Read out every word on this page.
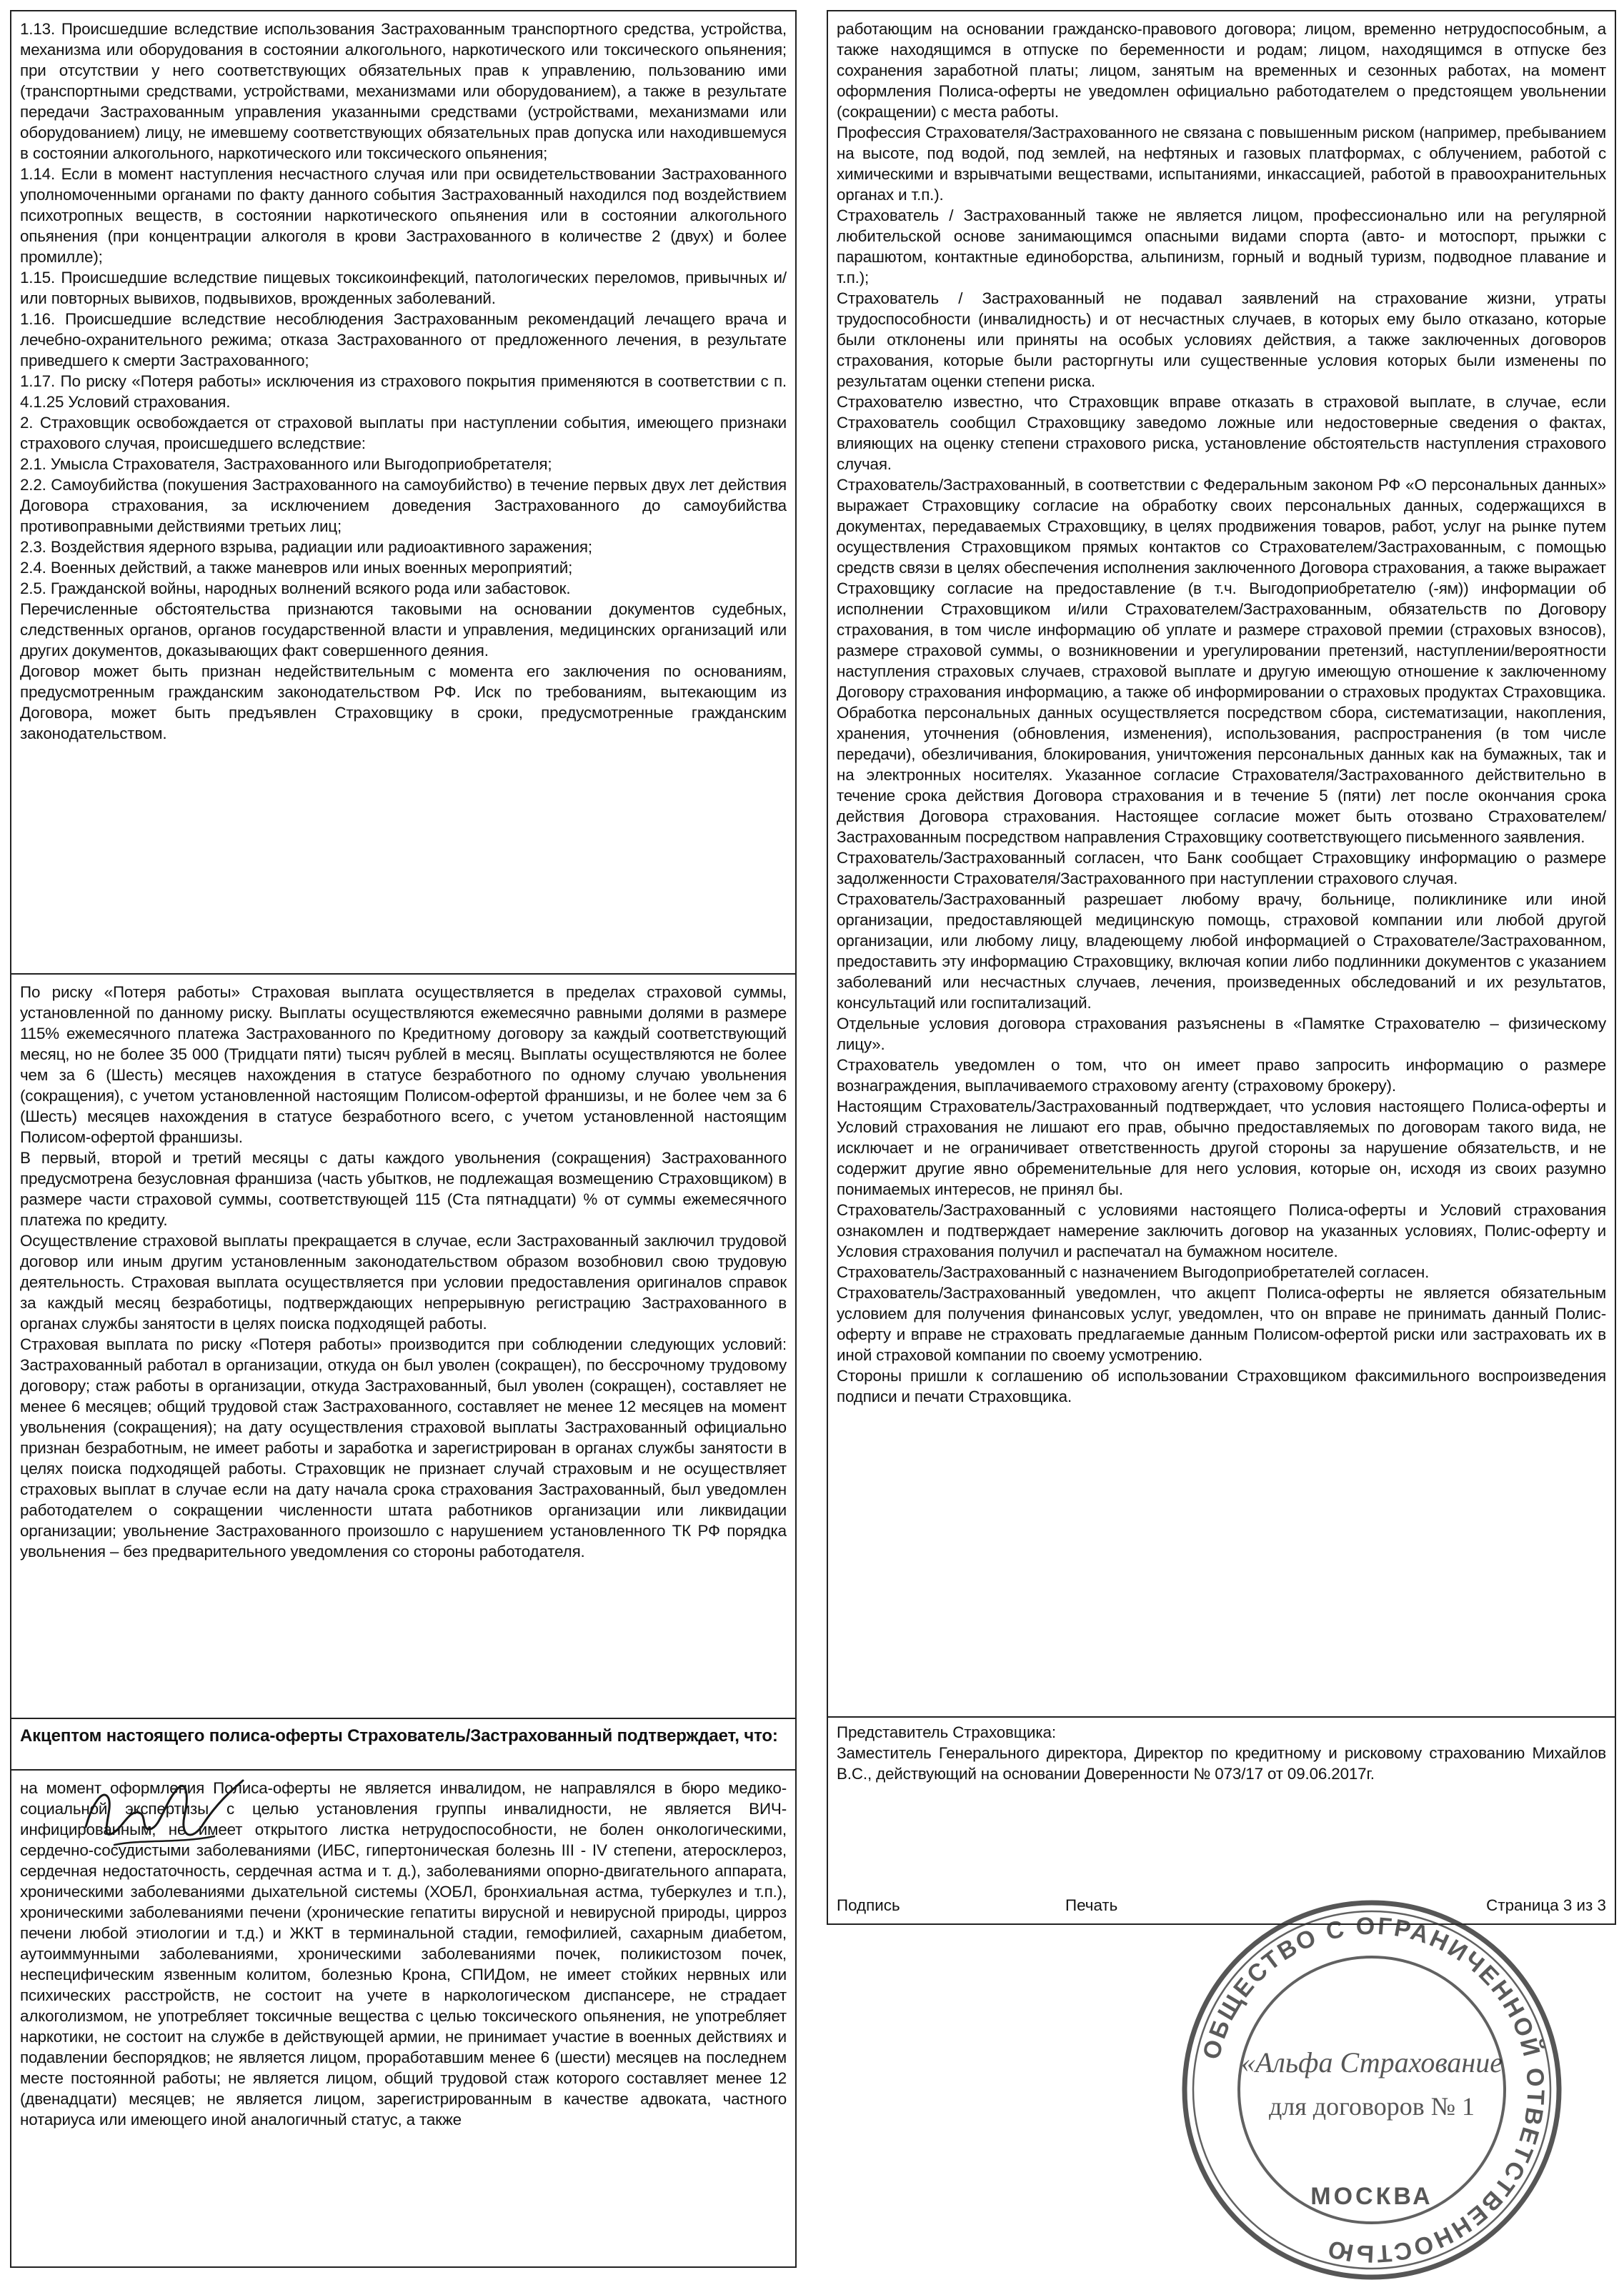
1.13. Происшедшие вследствие использования Застрахованным транспортного средства, устройства, механизма или оборудования в состоянии алкогольного, наркотического или токсического опьянения; при отсутствии у него соответствующих обязательных прав к управлению, пользованию ими (транспортными средствами, устройствами, механизмами или оборудованием), а также в результате передачи Застрахованным управления указанными средствами (устройствами, механизмами или оборудованием) лицу, не имевшему соответствующих обязательных прав допуска или находившемуся в состоянии алкогольного, наркотического или токсического опьянения;

1.14. Если в момент наступления несчастного случая или при освидетельствовании Застрахованного уполномоченными органами по факту данного события Застрахованный находился под воздействием психотропных веществ, в состоянии наркотического опьянения или в состоянии алкогольного опьянения (при концентрации алкоголя в крови Застрахованного в количестве 2 (двух) и более промилле);

1.15. Происшедшие вследствие пищевых токсикоинфекций, патологических переломов, привычных и/или повторных вывихов, подвывихов, врожденных заболеваний.

1.16. Происшедшие вследствие несоблюдения Застрахованным рекомендаций лечащего врача и лечебно-охранительного режима; отказа Застрахованного от предложенного лечения, в результате приведшего к смерти Застрахованного;

1.17. По риску «Потеря работы» исключения из страхового покрытия применяются в соответствии с п. 4.1.25 Условий страхования.

2. Страховщик освобождается от страховой выплаты при наступлении события, имеющего признаки страхового случая, происшедшего вследствие:

2.1. Умысла Страхователя, Застрахованного или Выгодоприобретателя;

2.2. Самоубийства (покушения Застрахованного на самоубийство) в течение первых двух лет действия Договора страхования, за исключением доведения Застрахованного до самоубийства противоправными действиями третьих лиц;

2.3. Воздействия ядерного взрыва, радиации или радиоактивного заражения;

2.4. Военных действий, а также маневров или иных военных мероприятий;

2.5. Гражданской войны, народных волнений всякого рода или забастовок.

Перечисленные обстоятельства признаются таковыми на основании документов судебных, следственных органов, органов государственной власти и управления, медицинских организаций или других документов, доказывающих факт совершенного деяния.

Договор может быть признан недействительным с момента его заключения по основаниям, предусмотренным гражданским законодательством РФ. Иск по требованиям, вытекающим из Договора, может быть предъявлен Страховщику в сроки, предусмотренные гражданским законодательством.

По риску «Потеря работы» Страховая выплата осуществляется в пределах страховой суммы, установленной по данному риску. Выплаты осуществляются ежемесячно равными долями в размере 115% ежемесячного платежа Застрахованного по Кредитному договору за каждый соответствующий месяц, но не более 35 000 (Тридцати пяти) тысяч рублей в месяц. Выплаты осуществляются не более чем за 6 (Шесть) месяцев нахождения в статусе безработного по одному случаю увольнения (сокращения), с учетом установленной настоящим Полисом-офертой франшизы, и не более чем за 6 (Шесть) месяцев нахождения в статусе безработного всего, с учетом установленной настоящим Полисом-офертой франшизы.

В первый, второй и третий месяцы с даты каждого увольнения (сокращения) Застрахованного предусмотрена безусловная франшиза (часть убытков, не подлежащая возмещению Страховщиком) в размере части страховой суммы, соответствующей 115 (Ста пятнадцати) % от суммы ежемесячного платежа по кредиту.

Осуществление страховой выплаты прекращается в случае, если Застрахованный заключил трудовой договор или иным другим установленным законодательством образом возобновил свою трудовую деятельность. Страховая выплата осуществляется при условии предоставления оригиналов справок за каждый месяц безработицы, подтверждающих непрерывную регистрацию Застрахованного в органах службы занятости в целях поиска подходящей работы.

Страховая выплата по риску «Потеря работы» производится при соблюдении следующих условий: Застрахованный работал в организации, откуда он был уволен (сокращен), по бессрочному трудовому договору; стаж работы в организации, откуда Застрахованный, был уволен (сокращен), составляет не менее 6 месяцев; общий трудовой стаж Застрахованного, составляет не менее 12 месяцев на момент увольнения (сокращения); на дату осуществления страховой выплаты Застрахованный официально признан безработным, не имеет работы и заработка и зарегистрирован в органах службы занятости в целях поиска подходящей работы. Страховщик не признает случай страховым и не осуществляет страховых выплат в случае если на дату начала срока страхования Застрахованный, был уведомлен работодателем о сокращении численности штата работников организации или ликвидации организации; увольнение Застрахованного произошло с нарушением установленного ТК РФ порядка увольнения – без предварительного уведомления со стороны работодателя.

Акцептом настоящего полиса-оферты Страхователь/Застрахованный подтверждает, что:

на момент оформления Полиса-оферты не является инвалидом, не направлялся в бюро медико-социальной экспертизы с целью установления группы инвалидности, не является ВИЧ-инфицированным, не имеет открытого листка нетрудоспособности, не болен онкологическими, сердечно-сосудистыми заболеваниями (ИБС, гипертоническая болезнь III - IV степени, атеросклероз, сердечная недостаточность, сердечная астма и т. д.), заболеваниями опорно-двигательного аппарата, хроническими заболеваниями дыхательной системы (ХОБЛ, бронхиальная астма, туберкулез и т.п.), хроническими заболеваниями печени (хронические гепатиты вирусной и невирусной природы, цирроз печени любой этиологии и т.д.) и ЖКТ в терминальной стадии, гемофилией, сахарным диабетом, аутоиммунными заболеваниями, хроническими заболеваниями почек, поликистозом почек, неспецифическим язвенным колитом, болезнью Крона, СПИДом, не имеет стойких нервных или психических расстройств, не состоит на учете в наркологическом диспансере, не страдает алкоголизмом, не употребляет токсичные вещества с целью токсического опьянения, не употребляет наркотики, не состоит на службе в действующей армии, не принимает участие в военных действиях и подавлении беспорядков; не является лицом, проработавшим менее 6 (шести) месяцев на последнем месте постоянной работы; не является лицом, общий трудовой стаж которого составляет менее 12 (двенадцати) месяцев; не является лицом, зарегистрированным в качестве адвоката, частного нотариуса или имеющего иной аналогичный статус, а также

работающим на основании гражданско-правового договора; лицом, временно нетрудоспособным, а также находящимся в отпуске по беременности и родам; лицом, находящимся в отпуске без сохранения заработной платы; лицом, занятым на временных и сезонных работах, на момент оформления Полиса-оферты не уведомлен официально работодателем о предстоящем увольнении (сокращении) с места работы.

Профессия Страхователя/Застрахованного не связана с повышенным риском (например, пребыванием на высоте, под водой, под землей, на нефтяных и газовых платформах, с облучением, работой с химическими и взрывчатыми веществами, испытаниями, инкассацией, работой в правоохранительных органах и т.п.).

Страхователь / Застрахованный также не является лицом, профессионально или на регулярной любительской основе занимающимся опасными видами спорта (авто- и мотоспорт, прыжки с парашютом, контактные единоборства, альпинизм, горный и водный туризм, подводное плавание и т.п.);

Страхователь / Застрахованный не подавал заявлений на страхование жизни, утраты трудоспособности (инвалидность) и от несчастных случаев, в которых ему было отказано, которые были отклонены или приняты на особых условиях действия, а также заключенных договоров страхования, которые были расторгнуты или существенные условия которых были изменены по результатам оценки степени риска.

Страхователю известно, что Страховщик вправе отказать в страховой выплате, в случае, если Страхователь сообщил Страховщику заведомо ложные или недостоверные сведения о фактах, влияющих на оценку степени страхового риска, установление обстоятельств наступления страхового случая.

Страхователь/Застрахованный, в соответствии с Федеральным законом РФ «О персональных данных» выражает Страховщику согласие на обработку своих персональных данных, содержащихся в документах, передаваемых Страховщику, в целях продвижения товаров, работ, услуг на рынке путем осуществления Страховщиком прямых контактов со Страхователем/Застрахованным, с помощью средств связи в целях обеспечения исполнения заключенного Договора страхования, а также выражает Страховщику согласие на предоставление (в т.ч. Выгодоприобретателю (-ям)) информации об исполнении Страховщиком и/или Страхователем/Застрахованным, обязательств по Договору страхования, в том числе информацию об уплате и размере страховой премии (страховых взносов), размере страховой суммы, о возникновении и урегулировании претензий, наступлении/вероятности наступления страховых случаев, страховой выплате и другую имеющую отношение к заключенному Договору страхования информацию, а также об информировании о страховых продуктах Страховщика. Обработка персональных данных осуществляется посредством сбора, систематизации, накопления, хранения, уточнения (обновления, изменения), использования, распространения (в том числе передачи), обезличивания, блокирования, уничтожения персональных данных как на бумажных, так и на электронных носителях. Указанное согласие Страхователя/Застрахованного действительно в течение срока действия Договора страхования и в течение 5 (пяти) лет после окончания срока действия Договора страхования. Настоящее согласие может быть отозвано Страхователем/Застрахованным посредством направления Страховщику соответствующего письменного заявления.

Страхователь/Застрахованный согласен, что Банк сообщает Страховщику информацию о размере задолженности Страхователя/Застрахованного при наступлении страхового случая.

Страхователь/Застрахованный разрешает любому врачу, больнице, поликлинике или иной организации, предоставляющей медицинскую помощь, страховой компании или любой другой организации, или любому лицу, владеющему любой информацией о Страхователе/Застрахованном, предоставить эту информацию Страховщику, включая копии либо подлинники документов с указанием заболеваний или несчастных случаев, лечения, произведенных обследований и их результатов, консультаций или госпитализаций.

Отдельные условия договора страхования разъяснены в «Памятке Страхователю – физическому лицу».

Страхователь уведомлен о том, что он имеет право запросить информацию о размере вознаграждения, выплачиваемого страховому агенту (страховому брокеру).

Настоящим Страхователь/Застрахованный подтверждает, что условия настоящего Полиса-оферты и Условий страхования не лишают его прав, обычно предоставляемых по договорам такого вида, не исключает и не ограничивает ответственность другой стороны за нарушение обязательств, и не содержит другие явно обременительные для него условия, которые он, исходя из своих разумно понимаемых интересов, не принял бы.

Страхователь/Застрахованный с условиями настоящего Полиса-оферты и Условий страхования ознакомлен и подтверждает намерение заключить договор на указанных условиях, Полис-оферту и Условия страхования получил и распечатал на бумажном носителе.

Страхователь/Застрахованный с назначением Выгодоприобретателей согласен.

Страхователь/Застрахованный уведомлен, что акцепт Полиса-оферты не является обязательным условием для получения финансовых услуг, уведомлен, что он вправе не принимать данный Полис-оферту и вправе не страховать предлагаемые данным Полисом-офертой риски или застраховать их в иной страховой компании по своему усмотрению.

Стороны пришли к соглашению об использовании Страховщиком факсимильного воспроизведения подписи и печати Страховщика.

Представитель Страховщика:

Заместитель Генерального директора, Директор по кредитному и рисковому страхованию Михайлов В.С., действующий на основании Доверенности № 073/17 от 09.06.2017г.

Подпись	Печать	Страница 3 из 3
ОБЩЕСТВО С ОГРАНИЧЕННОЙ ОТВЕТСТВЕННОСТЬЮ
«Альфа Страхование
для договоров № 1
МОСКВА
